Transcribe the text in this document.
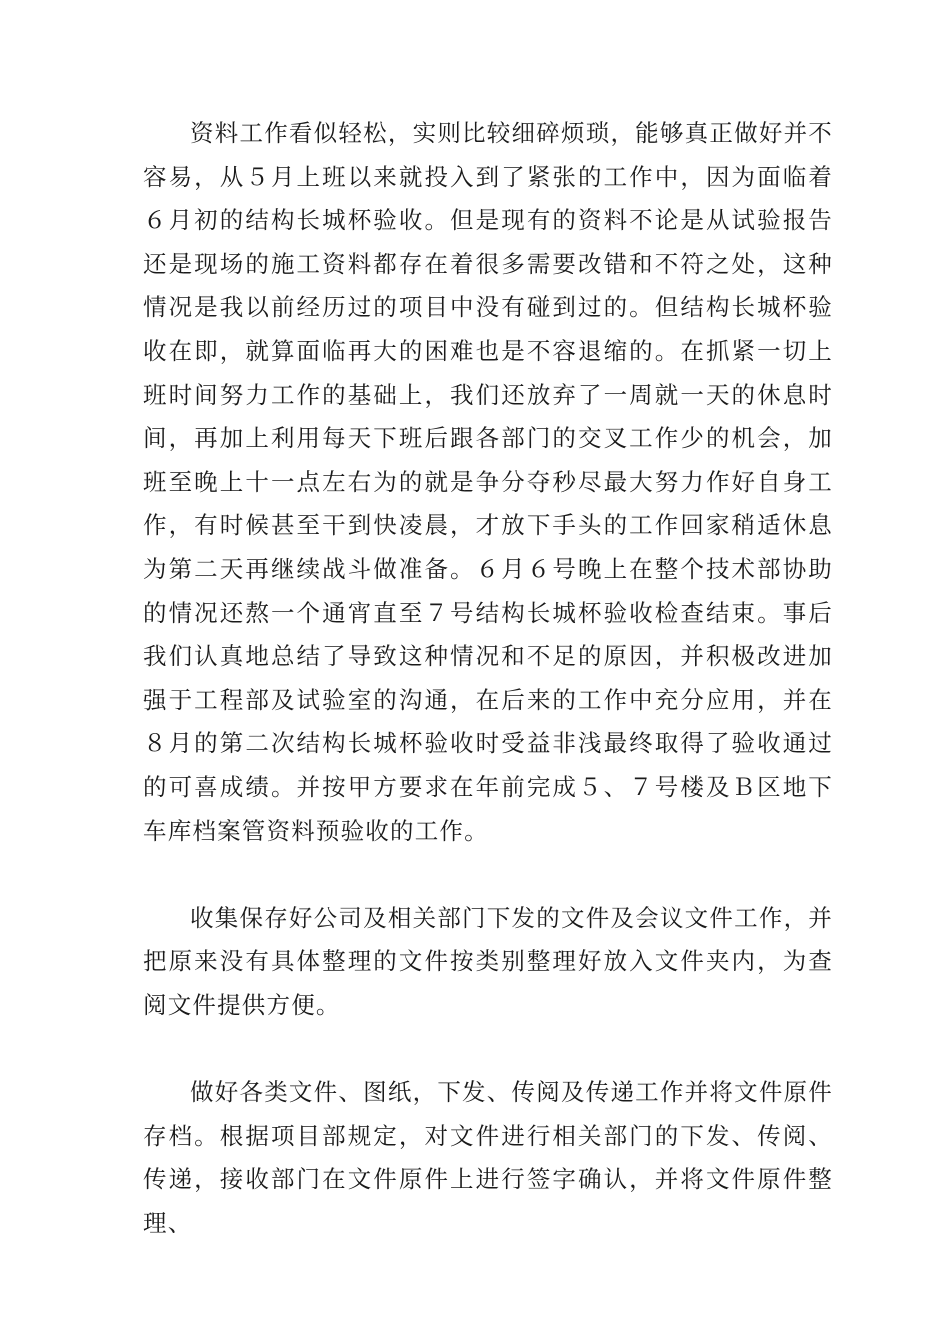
资料工作看似轻松，实则比较细碎烦琐，能够真正做好并不容易，从５月上班以来就投入到了紧张的工作中，因为面临着６月初的结构长城杯验收。但是现有的资料不论是从试验报告还是现场的施工资料都存在着很多需要改错和不符之处，这种情况是我以前经历过的项目中没有碰到过的。但结构长城杯验收在即，就算面临再大的困难也是不容退缩的。在抓紧一切上班时间努力工作的基础上，我们还放弃了一周就一天的休息时间，再加上利用每天下班后跟各部门的交叉工作少的机会，加班至晚上十一点左右为的就是争分夺秒尽最大努力作好自身工作，有时候甚至干到快凌晨，才放下手头的工作回家稍适休息为第二天再继续战斗做准备。６月６号晚上在整个技术部协助的情况还熬一个通宵直至７号结构长城杯验收检查结束。事后我们认真地总结了导致这种情况和不足的原因，并积极改进加强于工程部及试验室的沟通，在后来的工作中充分应用，并在８月的第二次结构长城杯验收时受益非浅最终取得了验收通过的可喜成绩。并按甲方要求在年前完成５、７号楼及Ｂ区地下车库档案管资料预验收的工作。

收集保存好公司及相关部门下发的文件及会议文件工作，并把原来没有具体整理的文件按类别整理好放入文件夹内，为查阅文件提供方便。

做好各类文件、图纸，下发、传阅及传递工作并将文件原件存档。根据项目部规定，对文件进行相关部门的下发、传阅、传递，接收部门在文件原件上进行签字确认，并将文件原件整理、
